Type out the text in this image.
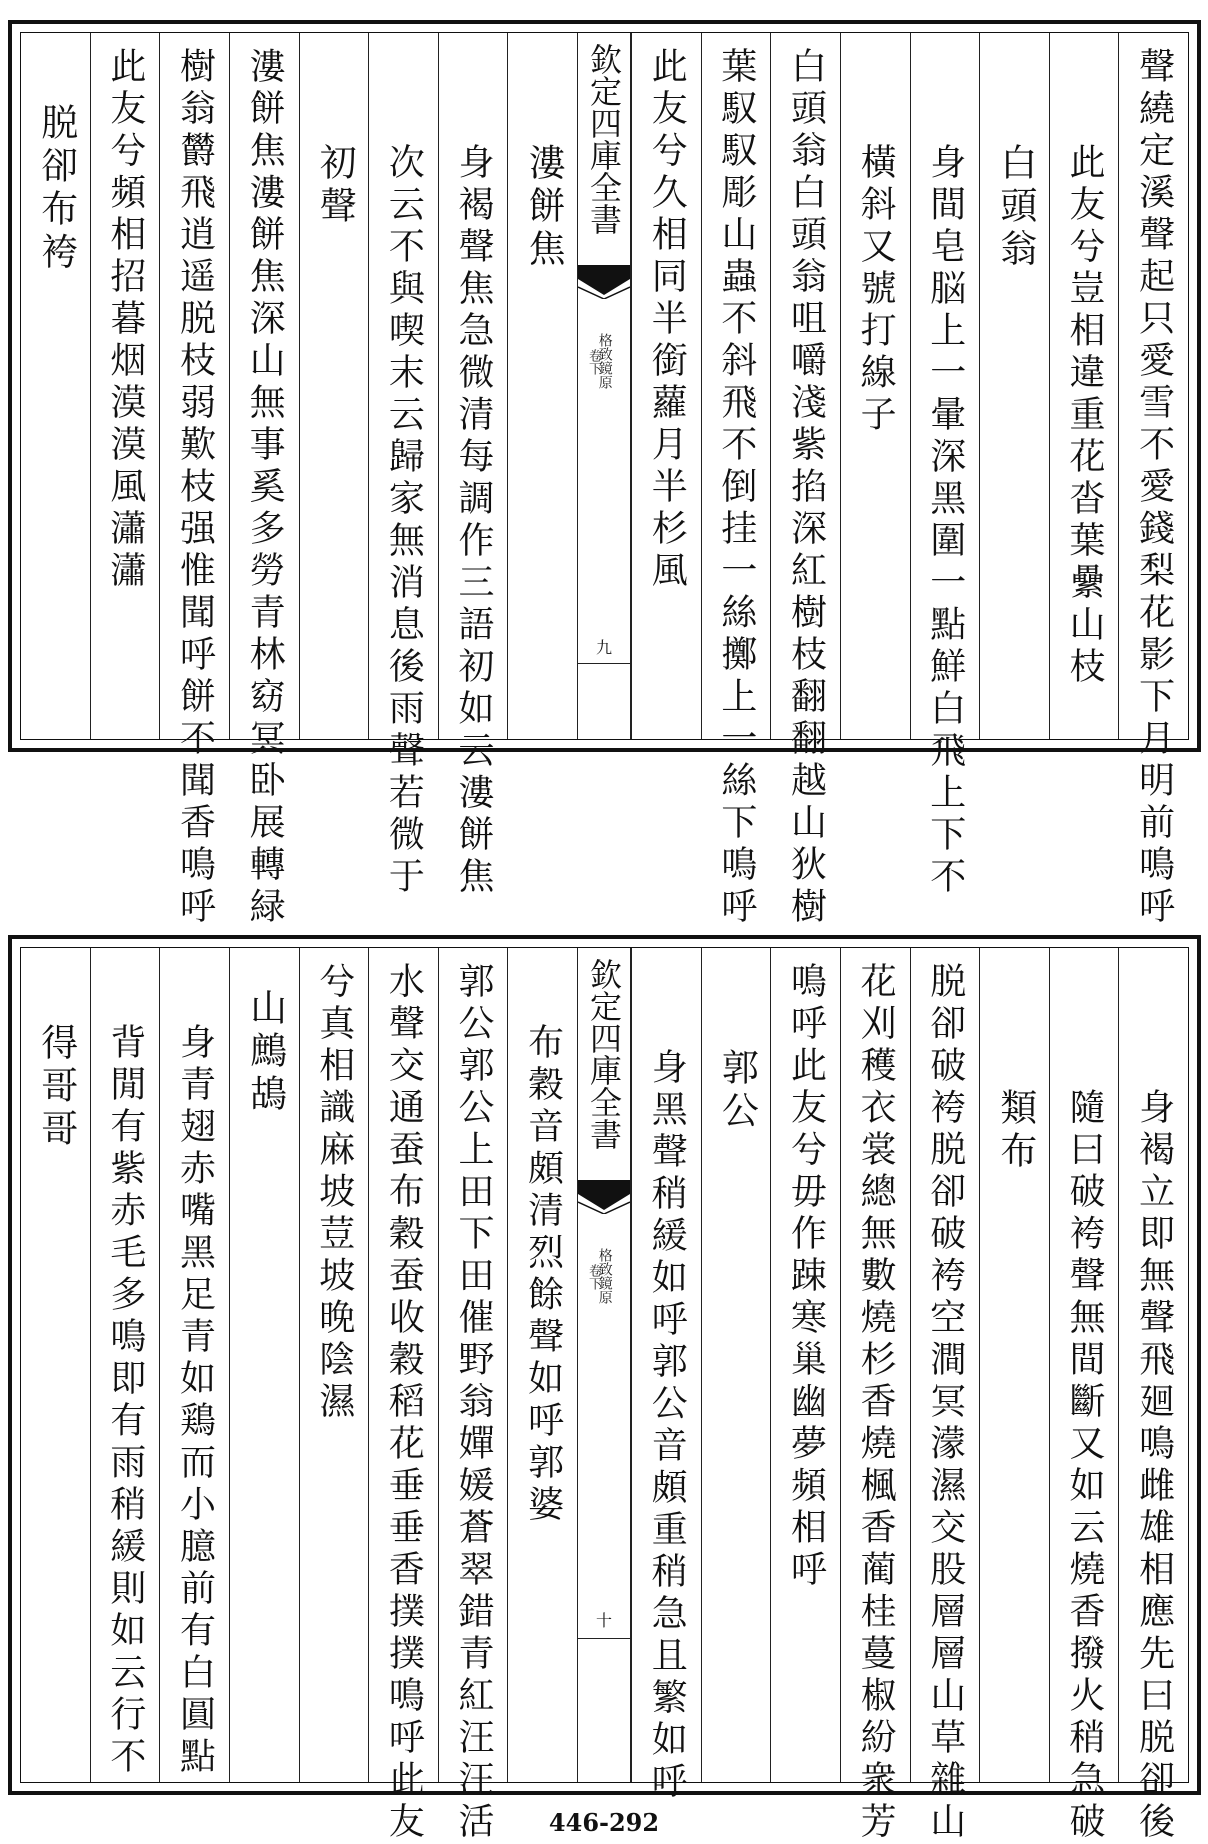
聲繞定溪聲起只愛雪不愛錢梨花影下月明前鳴呼
此友兮豈相違重花沓葉纍山枝
白頭翁
身間皂脳上一暈深黑圍一點鮮白飛上下不
橫斜又號打線子
白頭翁白頭翁咀嚼淺紫掐深紅樹枝翻翻越山狄樹
葉馭馭彫山蟲不斜飛不倒挂一絲擲上一絲下鳴呼
此友兮久相同半銜蘿月半杉風
欽定四庫全書
格致鏡原
卷下
九
漊餅焦
身褐聲焦急微清每調作三語初如云漊餅焦
次云不與喫末云歸家無消息後雨聲若微于
初聲
漊餅焦漊餅焦深山無事奚多勞青林窈冥卧展轉緑
樹翁欝飛逍遥脱枝弱歎枝强惟聞呼餅不聞香鳴呼
此友兮頻相招暮烟漠漠風瀟瀟
脱卻布袴
身褐立即無聲飛廻鳴雌雄相應先曰脱卻後
隨曰破袴聲無間斷又如云燒香撥火稍急破
類布
脱卻破袴脱卻破袴空澗冥濛濕交股層層山草雜山
花刈穫衣裳總無數燒杉香燒楓香蔺桂蔓椒紛衆芳
鳴呼此友兮毋作踈寒巢幽夢頻相呼
郭公
身黑聲稍緩如呼郭公音頗重稍急且繁如呼
欽定四庫全書
格致鏡原
卷下
十
布穀音頗清烈餘聲如呼郭婆
郭公郭公上田下田催野翁嬋媛蒼翠錯青紅汪汪活
水聲交通蚕布穀蚕收穀稻花垂垂香撲撲鳴呼此友
兮真相識麻坡荳坡晚陰濕
山鷓鴣
身青翅赤嘴黑足青如鶏而小臆前有白圓點
背閒有紫赤毛多鳴即有雨稍緩則如云行不
得哥哥
446-292
